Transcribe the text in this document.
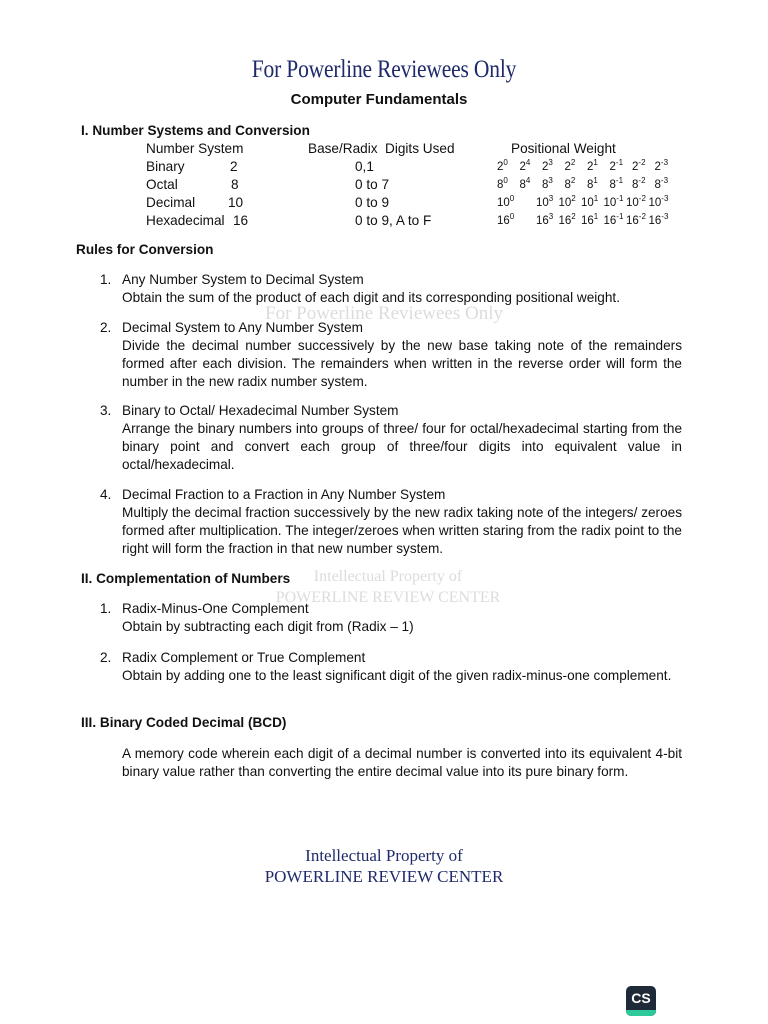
For Powerline Reviewees Only
Intellectual Property of
POWERLINE REVIEW CENTER
For Powerline Reviewees Only
Computer Fundamentals
I. Number Systems and Conversion
Number System	Base/Radix Digits Used	Positional Weight
Binary	2	0,1	$2^0$	$2^4$	$2^3$	$2^2$	$2^1$	$2^{-1}$ $2^{-2}$ $2^{-3}$
Octal	8	0 to 7	$8^0$	$8^4$	$8^3$	$8^2$	$8^1$	$8^{-1}$ $8^{-2}$ $8^{-3}$
Decimal 10	0 to 9	$10^0$	$10^3$ $10^2$ $10^1$ $10^{-1}$ $10^{-2}$ $10^{-3}$
Hexadecimal 16	0 to 9, A to F	$16^0$	$16^3$ $16^2$ $16^1$ $16^{-1}$ $16^{-2}$ $16^{-3}$
Rules for Conversion
1. Any Number System to Decimal System
Obtain the sum of the product of each digit and its corresponding positional weight.
2. Decimal System to Any Number System
Divide the decimal number successively by the new base taking note of the remainders formed after each division. The remainders when written in the reverse order will form the number in the new radix number system.
3. Binary to Octal/ Hexadecimal Number System
Arrange the binary numbers into groups of three/ four for octal/hexadecimal starting from the binary point and convert each group of three/four digits into equivalent value in octal/hexadecimal.
4. Decimal Fraction to a Fraction in Any Number System
Multiply the decimal fraction successively by the new radix taking note of the integers/ zeroes formed after multiplication. The integer/zeroes when written staring from the radix point to the right will form the fraction in that new number system.
II. Complementation of Numbers
1. Radix-Minus-One Complement
Obtain by subtracting each digit from (Radix – 1)
2. Radix Complement or True Complement
Obtain by adding one to the least significant digit of the given radix-minus-one complement.
III. Binary Coded Decimal (BCD)
A memory code wherein each digit of a decimal number is converted into its equivalent 4-bit binary value rather than converting the entire decimal value into its pure binary form.
Intellectual Property of
POWERLINE REVIEW CENTER
CS
